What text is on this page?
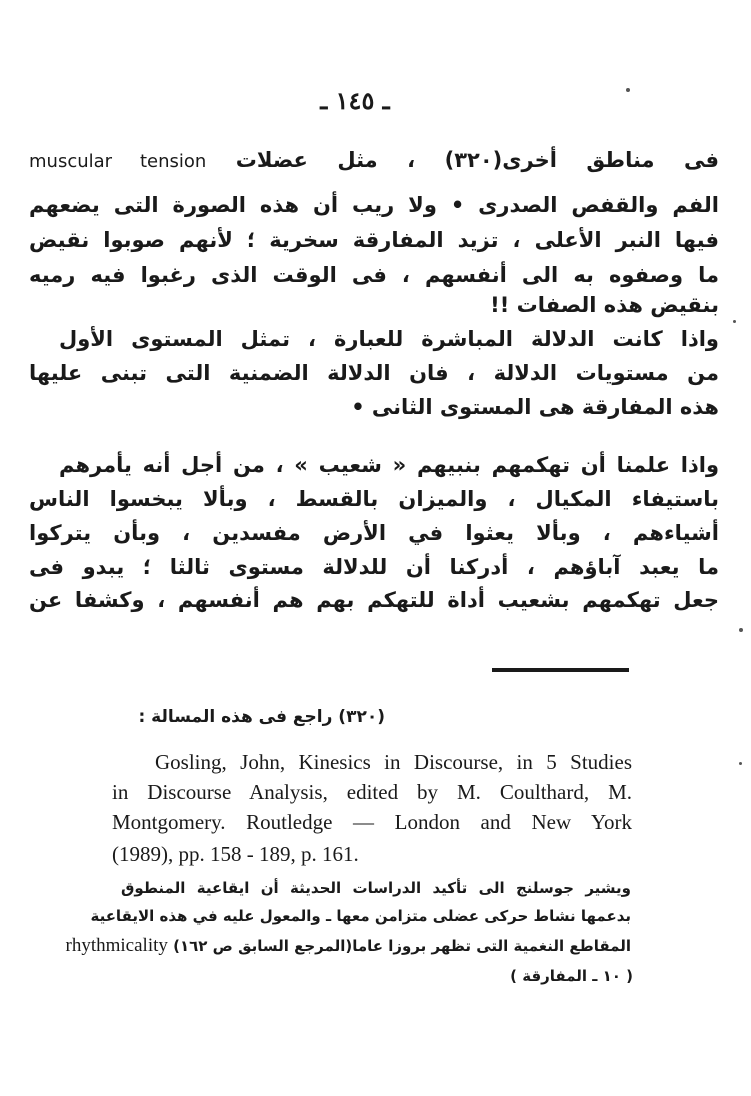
ـ ١٤٥ ـ
فى مناطق أخرى(٣٢٠) ، مثل عضلات muscular tension
الفم والقفص الصدرى • ولا ريب أن هذه الصورة التى يضعهم
فيها النبر الأعلى ، تزيد المفارقة سخرية ؛ لأنهم صوبوا نقيض
ما وصفوه به الى أنفسهم ، فى الوقت الذى رغبوا فيه رميه
بنقيض هذه الصفات !!
واذا كانت الدلالة المباشرة للعبارة ، تمثل المستوى الأول
من مستويات الدلالة ، فان الدلالة الضمنية التى تبنى عليها
هذه المفارقة هى المستوى الثانى •
واذا علمنا أن تهكمهم بنبيهم « شعيب » ، من أجل أنه يأمرهم
باستيفاء المكيال ، والميزان بالقسط ، وبألا يبخسوا الناس
أشياءهم ، وبألا يعثوا في الأرض مفسدين ، وبأن يتركوا
ما يعبد آباؤهم ، أدركنا أن للدلالة مستوى ثالثا ؛ يبدو فى
جعل تهكمهم بشعيب أداة للتهكم بهم هم أنفسهم ، وكشفا عن
(٣٢٠) راجع فى هذه المسالة :
Gosling, John, Kinesics in Discourse, in 5 Studies
in Discourse Analysis, edited by M. Coulthard, M.
Montgomery. Routledge — London and New York
(1989), pp. 158 - 189, p. 161.
ويشير جوسلنج الى تأكيد الدراسات الحديثة أن ايقاعية المنطوق
بدعمها نشاط حركى عضلى متزامن معها ـ والمعول عليه في هذه الايقاعية
المقاطع النغمية التى تظهر بروزا عاما(المرجع السابق ص ١٦٢) rhythmicality
( ١٠ ـ المفارقة )
